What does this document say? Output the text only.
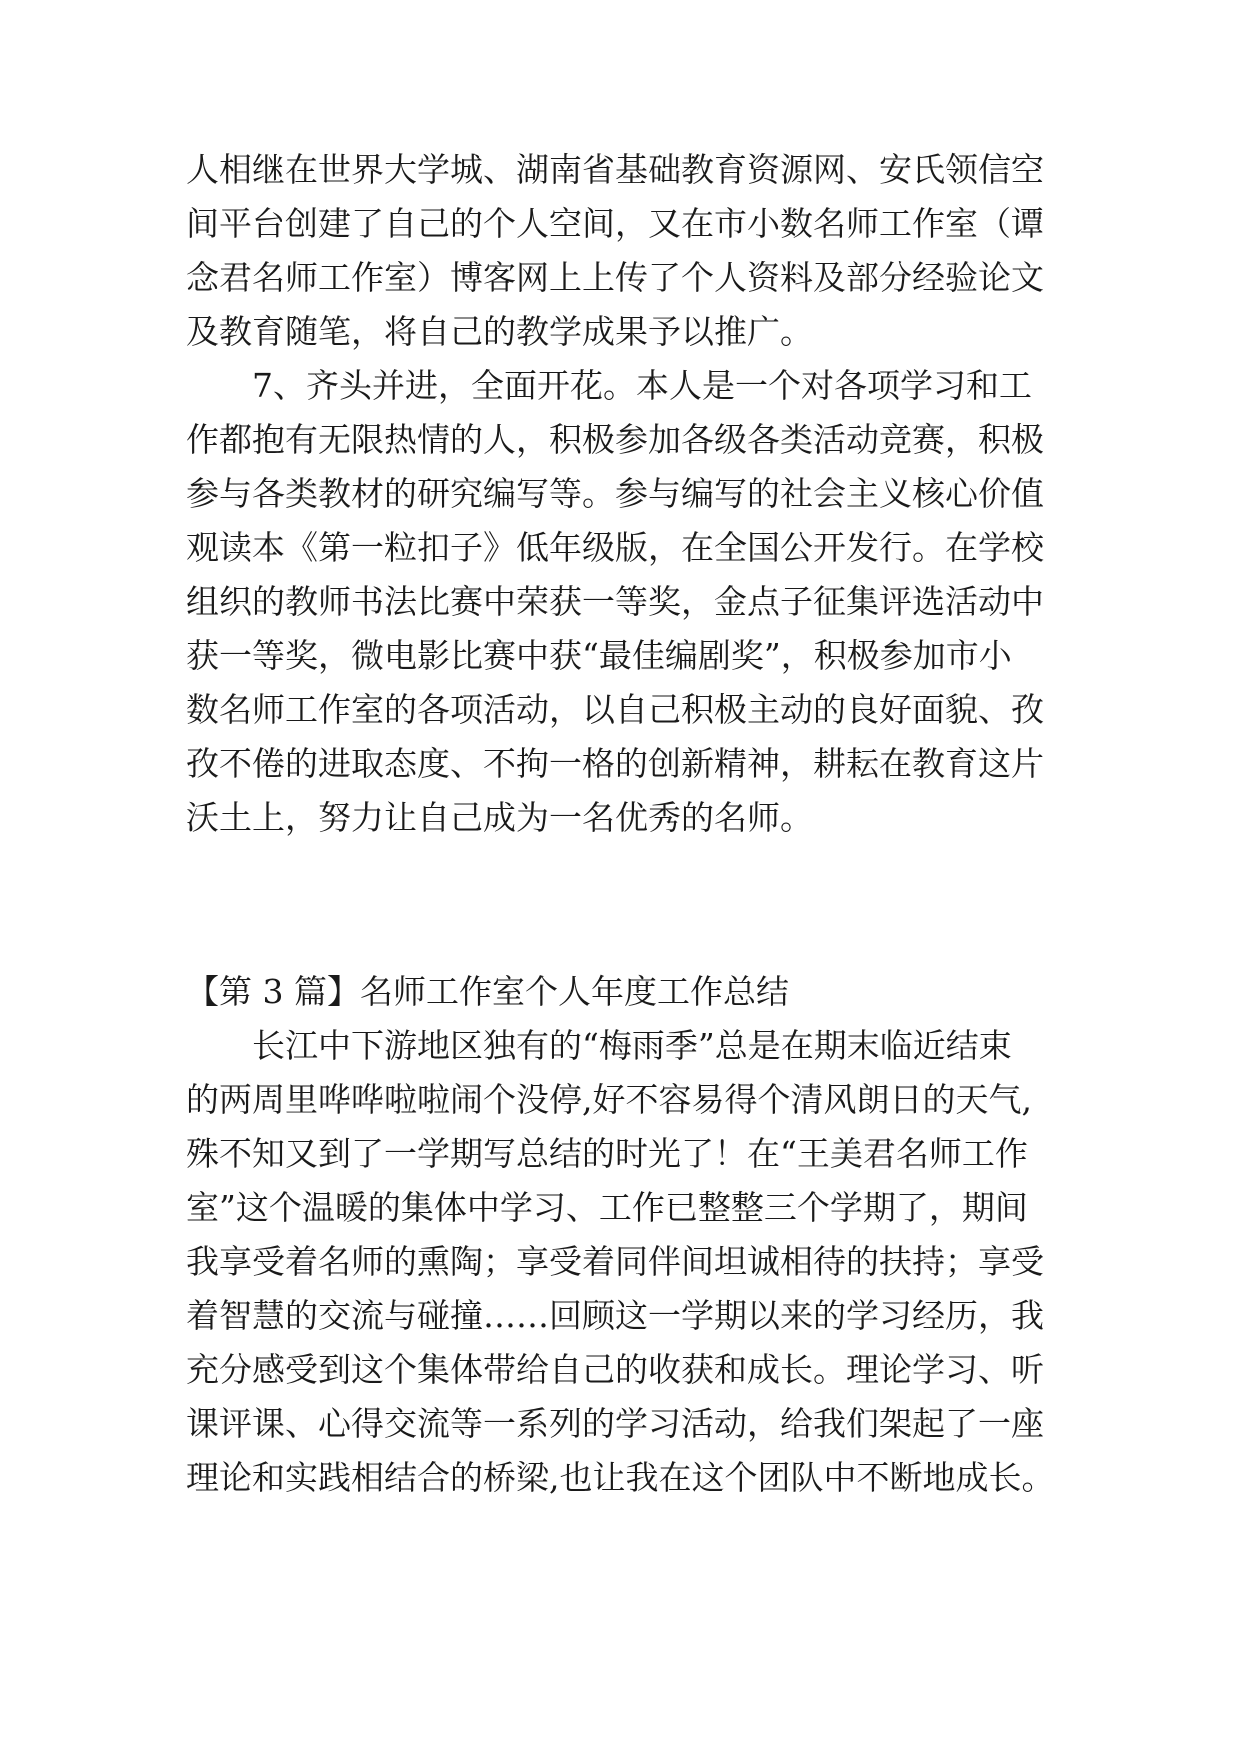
人相继在世界大学城、湖南省基础教育资源网、安氏领信空
间平台创建了自己的个人空间，又在市小数名师工作室（谭
念君名师工作室）博客网上上传了个人资料及部分经验论文
及教育随笔，将自己的教学成果予以推广。
　　7、齐头并进，全面开花。本人是一个对各项学习和工
作都抱有无限热情的人，积极参加各级各类活动竞赛，积极
参与各类教材的研究编写等。参与编写的社会主义核心价值
观读本《第一粒扣子》低年级版，在全国公开发行。在学校
组织的教师书法比赛中荣获一等奖，金点子征集评选活动中
获一等奖，微电影比赛中获“最佳编剧奖”，积极参加市小
数名师工作室的各项活动，以自己积极主动的良好面貌、孜
孜不倦的进取态度、不拘一格的创新精神，耕耘在教育这片
沃土上，努力让自己成为一名优秀的名师。
【第 3 篇】名师工作室个人年度工作总结
　　长江中下游地区独有的“梅雨季”总是在期末临近结束
的两周里哗哗啦啦闹个没停,好不容易得个清风朗日的天气,
殊不知又到了一学期写总结的时光了！在“王美君名师工作
室”这个温暖的集体中学习、工作已整整三个学期了，期间
我享受着名师的熏陶；享受着同伴间坦诚相待的扶持；享受
着智慧的交流与碰撞……回顾这一学期以来的学习经历，我
充分感受到这个集体带给自己的收获和成长。理论学习、听
课评课、心得交流等一系列的学习活动，给我们架起了一座
理论和实践相结合的桥梁,也让我在这个团队中不断地成长。
